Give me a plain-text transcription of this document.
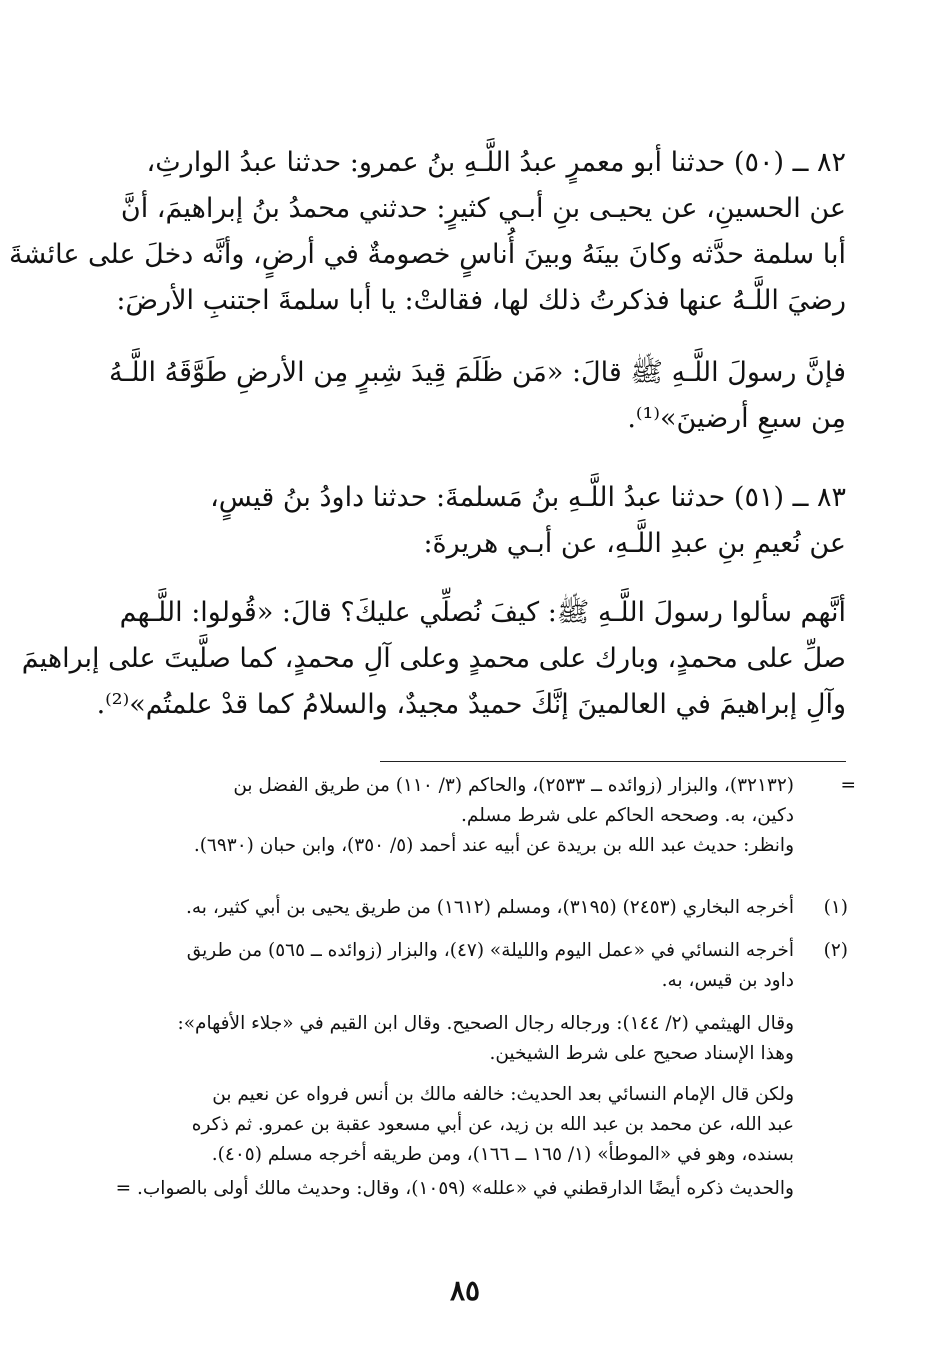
٨٢ ــ (٥٠) حدثنا أبو معمرٍ عبدُ اللَّـهِ بنُ عمرو: حدثنا عبدُ الوارثِ،
عن الحسينِ، عن يحيـى بنِ أبـي كثيرٍ: حدثني محمدُ بنُ إبراهيمَ، أنَّ
أبا سلمة حدَّثه وكانَ بينَهُ وبينَ أُناسٍ خصومةٌ في أرضٍ، وأنَّه دخلَ على عائشةَ
رضيَ اللَّـهُ عنها فذكرتُ ذلك لها، فقالتْ: يا أبا سلمةَ اجتنبِ الأرضَ:
فإنَّ رسولَ اللَّـهِ ﷺ قالَ: «مَن ظَلَمَ قِيدَ شِبرٍ مِن الأرضِ طَوَّقَهُ اللَّـهُ
مِن سبعِ أرضينَ»⁽¹⁾.
٨٣ ــ (٥١) حدثنا عبدُ اللَّـهِ بنُ مَسلمةَ: حدثنا داودُ بنُ قيسٍ،
عن نُعيمِ بنِ عبدِ اللَّـهِ، عن أبـي هريرةَ:
أنَّهم سألوا رسولَ اللَّـهِ ﷺ: كيفَ نُصلِّي عليكَ؟ قالَ: «قُولوا: اللَّـهم
صلِّ على محمدٍ، وبارك على محمدٍ وعلى آلِ محمدٍ، كما صلَّيتَ على إبراهيمَ
وآلِ إبراهيمَ في العالمينَ إنَّكَ حميدٌ مجيدٌ، والسلامُ كما قدْ علمتُم»⁽²⁾.
=
(٣٢١٣٢)، والبزار (زوائده ــ ٢٥٣٣)، والحاكم (٣/ ١١٠) من طريق الفضل بن
دكين، به. وصححه الحاكم على شرط مسلم.
وانظر: حديث عبد الله بن بريدة عن أبيه عند أحمد (٥/ ٣٥٠)، وابن حبان (٦٩٣٠).
(١)
أخرجه البخاري (٢٤٥٣) (٣١٩٥)، ومسلم (١٦١٢) من طريق يحيى بن أبي كثير، به.
(٢)
أخرجه النسائي في «عمل اليوم والليلة» (٤٧)، والبزار (زوائده ــ ٥٦٥) من طريق
داود بن قيس، به.
وقال الهيثمي (٢/ ١٤٤): ورجاله رجال الصحيح. وقال ابن القيم في «جلاء الأفهام»:
وهذا الإسناد صحيح على شرط الشيخين.
ولكن قال الإمام النسائي بعد الحديث: خالفه مالك بن أنس فرواه عن نعيم بن
عبد الله، عن محمد بن عبد الله بن زيد، عن أبي مسعود عقبة بن عمرو. ثم ذكره
بسنده، وهو في «الموطأ» (١/ ١٦٥ ــ ١٦٦)، ومن طريقه أخرجه مسلم (٤٠٥).
والحديث ذكره أيضًا الدارقطني في «علله» (١٠٥٩)، وقال: وحديث مالك أولى بالصواب. =
٨٥
